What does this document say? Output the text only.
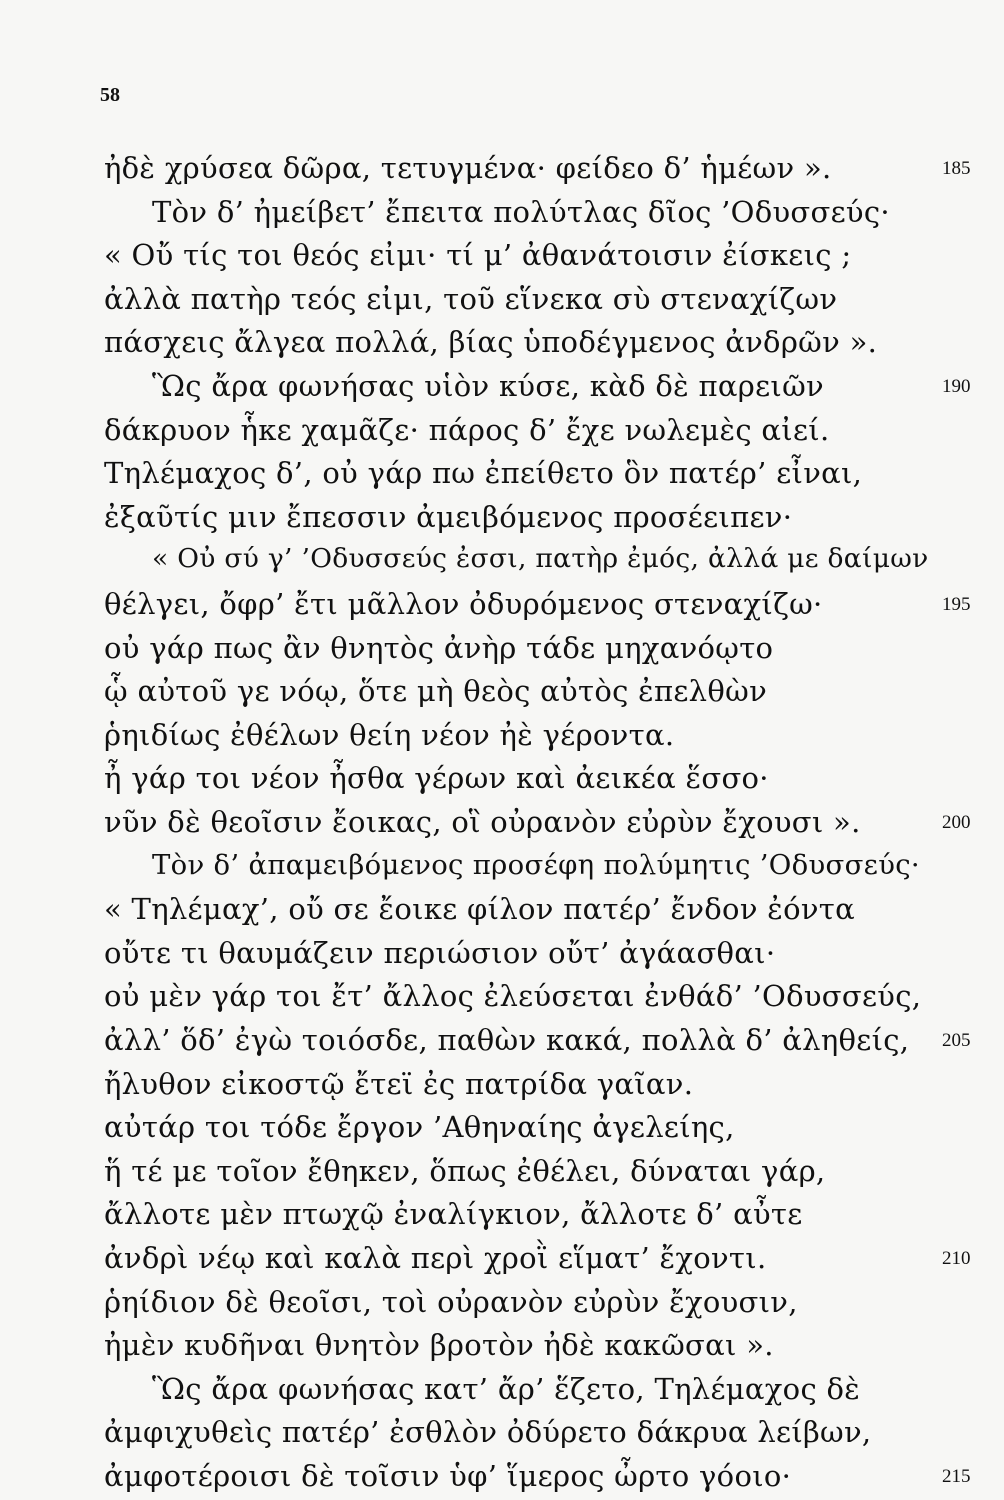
58
ἠδὲ χρύσεα δῶρα, τετυγμένα· φείδεο δ’ ἡμέων ».	185
Τὸν δ’ ἠμείβετ’ ἔπειτα πολύτλας δῖος ’Οδυσσεύς·
« Οὔ τίς τοι θεός εἰμι· τί μ’ ἀθανάτοισιν ἐίσκεις ;
ἀλλὰ πατὴρ τεός εἰμι, τοῦ εἵνεκα σὺ στεναχίζων
πάσχεις ἄλγεα πολλά, βίας ὑποδέγμενος ἀνδρῶν ».
Ὣς ἄρα φωνήσας υἱὸν κύσε, κὰδ δὲ παρειῶν	190
δάκρυον ἧκε χαμᾶζε· πάρος δ’ ἔχε νωλεμὲς αἰεί.
Τηλέμαχος δ’, οὐ γάρ πω ἐπείθετο ὃν πατέρ’ εἶναι,
ἐξαῦτίς μιν ἔπεσσιν ἀμειβόμενος προσέειπεν·
« Οὐ σύ γ’ ’Οδυσσεύς ἐσσι, πατὴρ ἐμός, ἀλλά με δαίμων
θέλγει, ὄφρ’ ἔτι μᾶλλον ὀδυρόμενος στεναχίζω·	195
οὐ γάρ πως ἂν θνητὸς ἀνὴρ τάδε μηχανόῳτο
ᾧ αὐτοῦ γε νόῳ, ὅτε μὴ θεὸς αὐτὸς ἐπελθὼν
ῥηιδίως ἐθέλων θείη νέον ἠὲ γέροντα.
ἦ γάρ τοι νέον ἦσθα γέρων καὶ ἀεικέα ἕσσο·
νῦν δὲ θεοῖσιν ἔοικας, οἳ οὐρανὸν εὐρὺν ἔχουσι ».	200
Τὸν δ’ ἀπαμειβόμενος προσέφη πολύμητις ’Οδυσσεύς·
« Τηλέμαχ’, οὔ σε ἔοικε φίλον πατέρ’ ἔνδον ἐόντα
οὔτε τι θαυμάζειν περιώσιον οὔτ’ ἀγάασθαι·
οὐ μὲν γάρ τοι ἔτ’ ἄλλος ἐλεύσεται ἐνθάδ’ ’Οδυσσεύς,
ἀλλ’ ὅδ’ ἐγὼ τοιόσδε, παθὼν κακά, πολλὰ δ’ ἀληθείς, 205
ἤλυθον εἰκοστῷ ἔτεϊ ἐς πατρίδα γαῖαν.
αὐτάρ τοι τόδε ἔργον ’Αθηναίης ἀγελείης,
ἥ τέ με τοῖον ἔθηκεν, ὅπως ἐθέλει, δύναται γάρ,
ἄλλοτε μὲν πτωχῷ ἐναλίγκιον, ἄλλοτε δ’ αὖτε
ἀνδρὶ νέῳ καὶ καλὰ περὶ χροῒ εἵματ’ ἔχοντι.	210
ῥηίδιον δὲ θεοῖσι, τοὶ οὐρανὸν εὐρὺν ἔχουσιν,
ἠμὲν κυδῆναι θνητὸν βροτὸν ἠδὲ κακῶσαι ».
Ὣς ἄρα φωνήσας κατ’ ἄρ’ ἕζετο, Τηλέμαχος δὲ
ἀμφιχυθεὶς πατέρ’ ἐσθλὸν ὀδύρετο δάκρυα λείβων,
ἀμφοτέροισι δὲ τοῖσιν ὑφ’ ἵμερος ὦρτο γόοιο·	215
